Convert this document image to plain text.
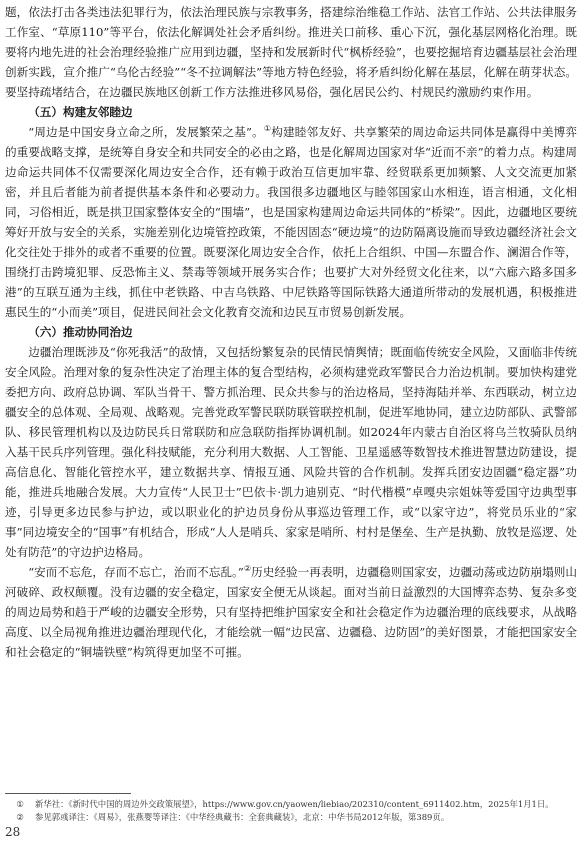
题，依法打击各类违法犯罪行为，依法治理民族与宗教事务，搭建综治维稳工作站、法官工作站、公共法律服务工作室、“草原110”等平台，依法化解调处社会矛盾纠纷。推进关口前移、重心下沉，强化基层网格化治理。既要将内地先进的社会治理经验推广应用到边疆，坚持和发展新时代“枫桥经验”，也要挖掘培育边疆基层社会治理创新实践，宣介推广“乌伦古经验”“冬不拉调解法”等地方特色经验，将矛盾纠纷化解在基层，化解在萌芽状态。要坚持疏堵结合，在边疆民族地区创新工作方法推进移风易俗，强化居民公约、村规民约激励约束作用。

（五）构建友邻睦边

“周边是中国安身立命之所，发展繁荣之基”。①构建睦邻友好、共享繁荣的周边命运共同体是赢得中美博弈的重要战略支撑，是统筹自身安全和共同安全的必由之路，也是化解周边国家对华“近而不亲”的着力点。构建周边命运共同体不仅需要深化周边安全合作，还有赖于政治互信更加牢靠、经贸联系更加频繁、人文交流更加紧密，并且后者能为前者提供基本条件和必要动力。我国很多边疆地区与睦邻国家山水相连，语言相通，文化相同，习俗相近，既是拱卫国家整体安全的“围墙”，也是国家构建周边命运共同体的“桥梁”。因此，边疆地区要统筹好开放与安全的关系，实施差别化边境管控政策，不能因固态“硬边境”的边防隔离设施而导致边疆经济社会文化交往处于排外的或者不重要的位置。既要深化周边安全合作，依托上合组织、中国—东盟合作、澜湄合作等，围绕打击跨境犯罪、反恐怖主义、禁毒等领域开展务实合作；也要扩大对外经贸文化往来，以“六廊六路多国多港”的互联互通为主线，抓住中老铁路、中吉乌铁路、中尼铁路等国际铁路大通道所带动的发展机遇，积极推进惠民生的“小而美”项目，促进民间社会文化教育交流和边民互市贸易创新发展。

（六）推动协同治边

边疆治理既涉及“你死我活”的敌情，又包括纷繁复杂的民情民情舆情；既面临传统安全风险，又面临非传统安全风险。治理对象的复杂性决定了治理主体的复合型结构，必须构建党政军警民合力治边机制。要加快构建党委把方向、政府总协调、军队当骨干、警方抓治理、民众共参与的治边格局，坚持海陆并举、东西联动，树立边疆安全的总体观、全局观、战略观。完善党政军警民联防联管联控机制，促进军地协同，建立边防部队、武警部队、移民管理机构以及边防民兵日常联防和应急联防指挥协调机制。如2024年内蒙古自治区将乌兰牧骑队员纳入基干民兵序列管理。强化科技赋能，充分利用大数据、人工智能、卫星遥感等数智技术推进智慧边防建设，提高信息化、智能化管控水平，建立数据共享、情报互通、风险共管的合作机制。发挥兵团安边固疆“稳定器”功能，推进兵地融合发展。大力宣传“人民卫士”巴依卡·凯力迪别克、“时代楷模”卓嘎央宗姐妹等爱国守边典型事迹，引导更多边民参与护边，或以职业化的护边员身份从事巡边管理工作，或“以家守边”，将党员乐业的“家事”同边境安全的“国事”有机结合，形成“人人是哨兵、家家是哨所、村村是堡垒、生产是执勤、放牧是巡逻、处处有防范”的守边护边格局。

“安而不忘危，存而不忘亡，治而不忘乱。”②历史经验一再表明，边疆稳则国家安，边疆动荡或边防崩塌则山河破碎、政权颠覆。没有边疆的安全稳定，国家安全便无从谈起。面对当前日益激烈的大国博弈态势、复杂多变的周边局势和趋于严峻的边疆安全形势，只有坚持把维护国家安全和社会稳定作为边疆治理的底线要求，从战略高度、以全局视角推进边疆治理现代化，才能绘就一幅“边民富、边疆稳、边防固”的美好图景，才能把国家安全和社会稳定的“铜墙铁壁”构筑得更加坚不可摧。

① 新华社：《新时代中国的周边外交政策展望》，https://www.gov.cn/yaowen/liebiao/202310/content_6911402.htm，2025年1月1日。

② 参见郭彧译注：《周易》，张燕婴等译注：《中华经典藏书：全套典藏装》，北京：中华书局2012年版，第389页。

28
